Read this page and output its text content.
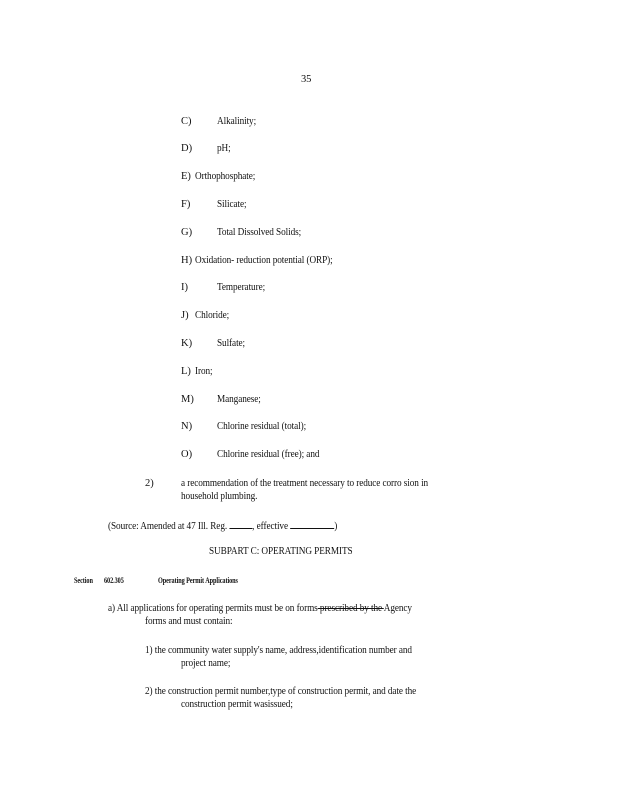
35
C) Alkalinity;
D) pH;
E) Orthophosphate;
F)	Silicate;
G) Total Dissolved Solids;
H) Oxidation- reduction potential (ORP);
I)	Temperature;
J) Chloride;
K) Sulfate;
L) Iron;
M) Manganese;
N) Chlorine residual (total);
O) Chlorine residual (free); and
2)	a recommendation of the treatment necessary to reduce corro sion in
household plumbing.
(Source: Amended at 47 Ill. Reg. , effective	)
SUBPART C: OPERATING PERMITS
Section 602.305	Operating Permit Applications
a) All applications for operating permits must be on forms prescribed by the Agency
forms and must contain:
1) the community water supply's name, address,identification number and
project name;
2) the construction permit number,type of construction permit, and date the
construction permit wasissued;
